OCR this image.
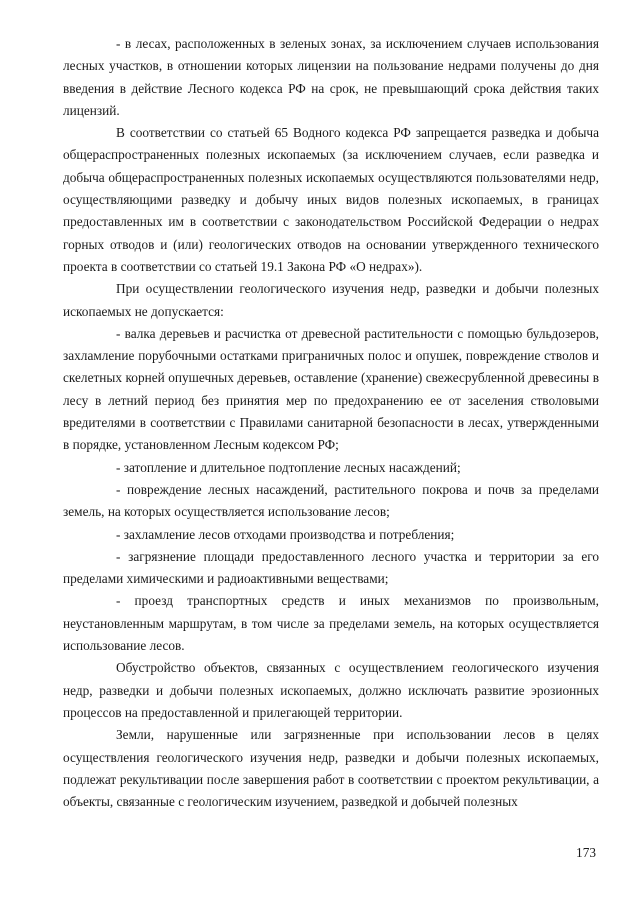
- в лесах, расположенных в зеленых зонах, за исключением случаев использования лесных участков, в отношении которых лицензии на пользование недрами получены до дня введения в действие Лесного кодекса РФ на срок, не превышающий срока действия таких лицензий.

В соответствии со статьей 65 Водного кодекса РФ запрещается разведка и добыча общераспространенных полезных ископаемых (за исключением случаев, если разведка и добыча общераспространенных полезных ископаемых осуществляются пользователями недр, осуществляющими разведку и добычу иных видов полезных ископаемых, в границах предоставленных им в соответствии с законодательством Российской Федерации о недрах горных отводов и (или) геологических отводов на основании утвержденного технического проекта в соответствии со статьей 19.1 Закона РФ «О недрах»).

При осуществлении геологического изучения недр, разведки и добычи полезных ископаемых не допускается:

- валка деревьев и расчистка от древесной растительности с помощью бульдозеров, захламление порубочными остатками приграничных полос и опушек, повреждение стволов и скелетных корней опушечных деревьев, оставление (хранение) свежесрубленной древесины в лесу в летний период без принятия мер по предохранению ее от заселения стволовыми вредителями в соответствии с Правилами санитарной безопасности в лесах, утвержденными в порядке, установленном Лесным кодексом РФ;

- затопление и длительное подтопление лесных насаждений;

- повреждение лесных насаждений, растительного покрова и почв за пределами земель, на которых осуществляется использование лесов;

- захламление лесов отходами производства и потребления;

- загрязнение площади предоставленного лесного участка и территории за его пределами химическими и радиоактивными веществами;

- проезд транспортных средств и иных механизмов по произвольным, неустановленным маршрутам, в том числе за пределами земель, на которых осуществляется использование лесов.

Обустройство объектов, связанных с осуществлением геологического изучения недр, разведки и добычи полезных ископаемых, должно исключать развитие эрозионных процессов на предоставленной и прилегающей территории.

Земли, нарушенные или загрязненные при использовании лесов в целях осуществления геологического изучения недр, разведки и добычи полезных ископаемых, подлежат рекультивации после завершения работ в соответствии с проектом рекультивации, а объекты, связанные с геологическим изучением, разведкой и добычей полезных

173
